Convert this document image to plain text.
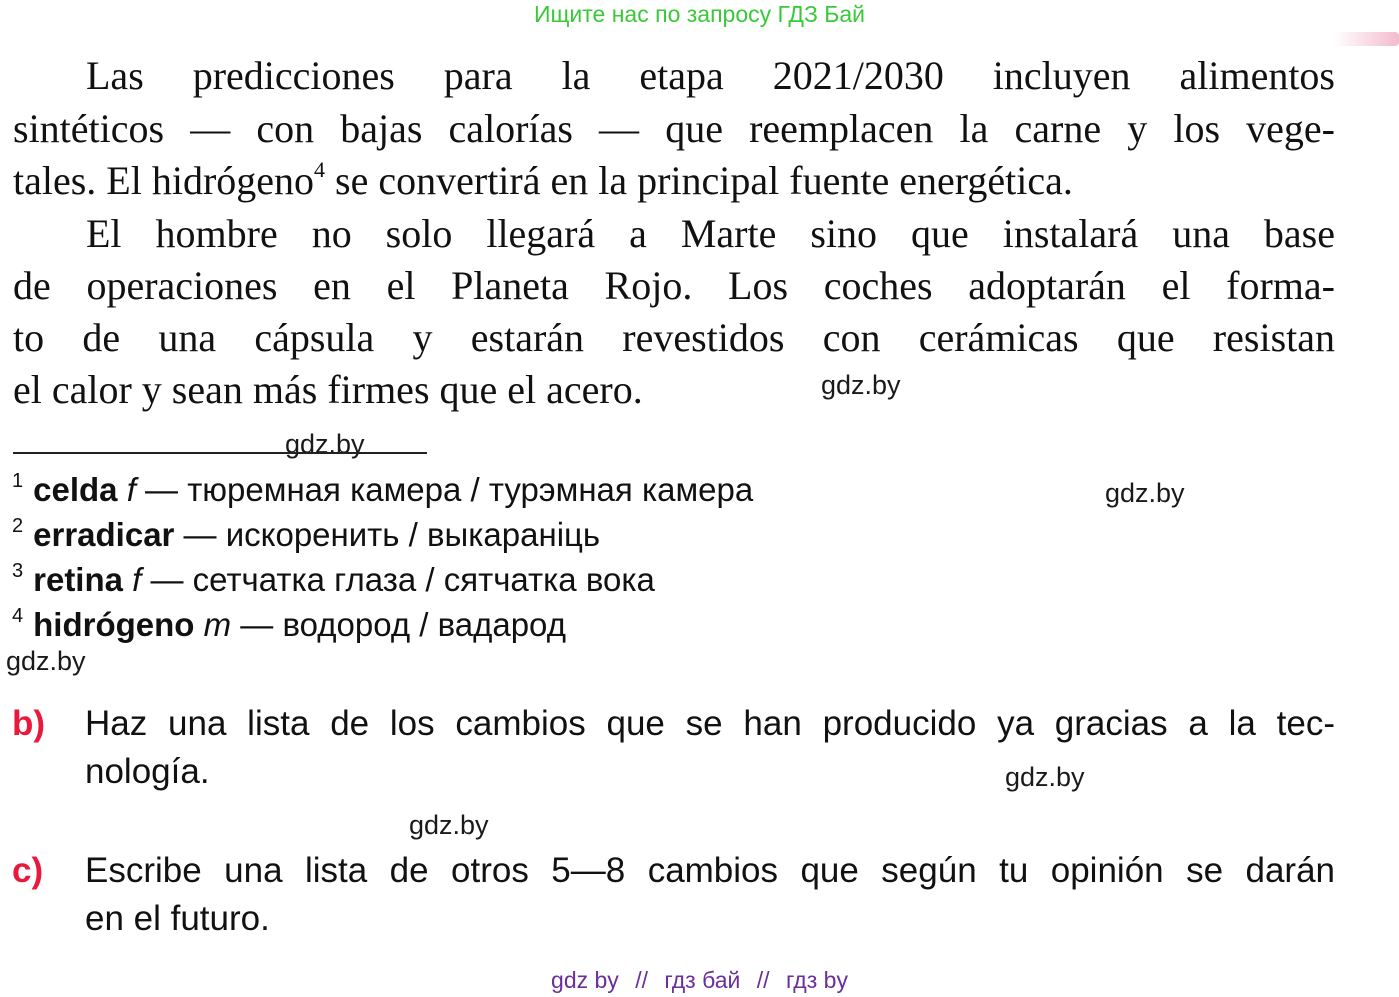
Ищите нас по запросу ГДЗ Бай
Las predicciones para la etapa 2021/2030 incluyen alimentos
sintéticos — con bajas calorías — que reemplacen la carne y los vege-
tales. El hidrógeno$^4$ se convertirá en la principal fuente energética.
El hombre no solo llegará a Marte sino que instalará una base
de operaciones en el Planeta Rojo. Los coches adoptarán el forma-
to de una cápsula y estarán revestidos con cerámicas que resistan
el calor y sean más firmes que el acero.	gdz.by
gdz.by
gdz.by
gdz.by
gdz.by
gdz.by
$^1$ celda f — тюремная камера / турэмная камера
$^2$ erradicar — искоренить / выкараніць
$^3$ retina f — сетчатка глаза / сятчатка вока
$^4$ hidrógeno m — водород / вадарод
b) Haz una lista de los cambios que se han producido ya gracias a la tec-
nología.
c) Escribe una lista de otros 5—8 cambios que según tu opinión se darán
en el futuro.
gdz by // гдз бай // гдз by
